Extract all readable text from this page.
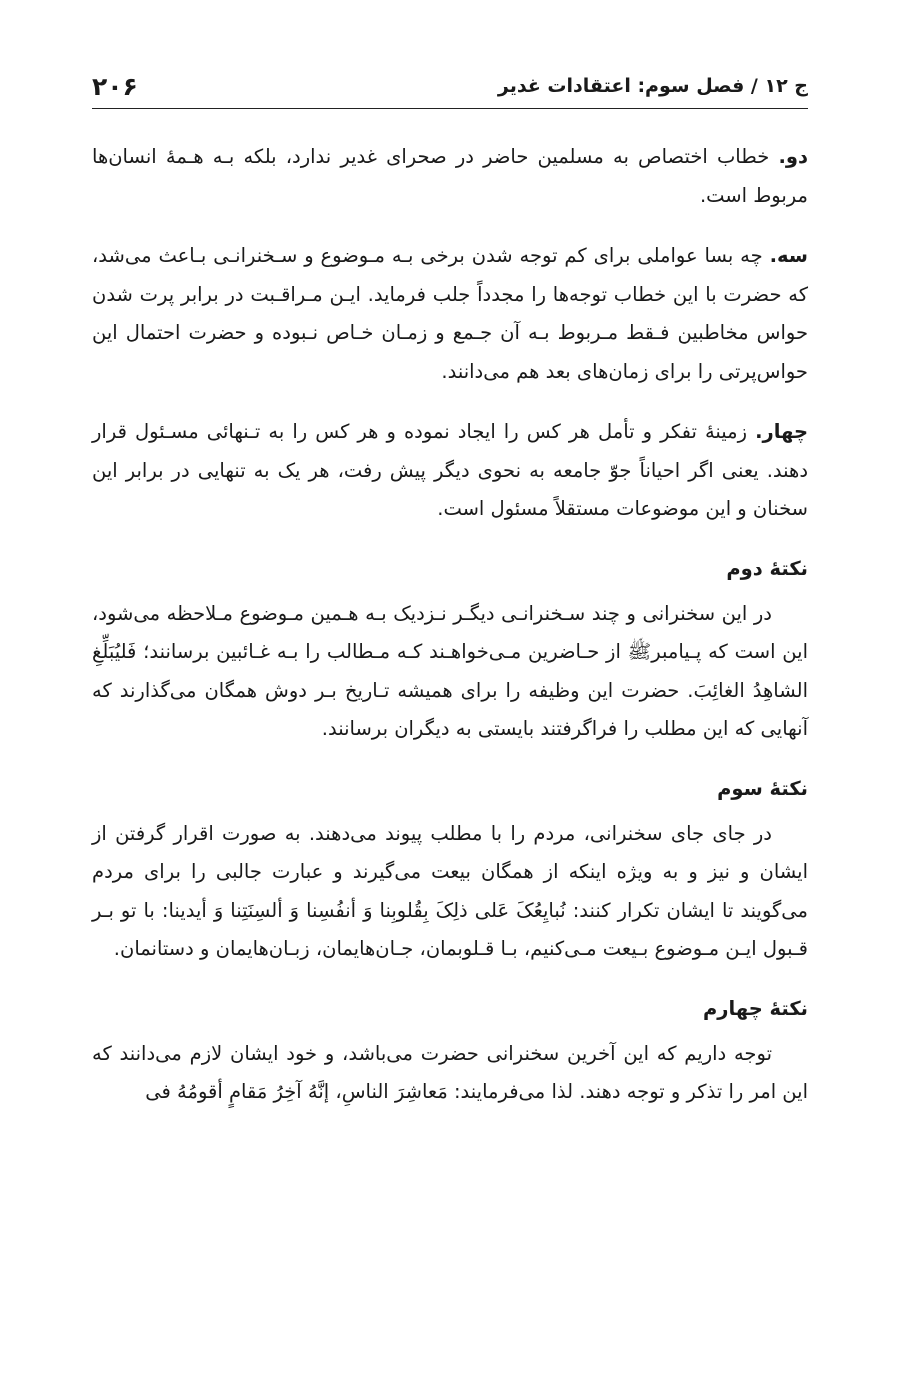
ج ۱۲ / فصل سوم: اعتقادات غدیر
۲۰۶

دو. خطاب اختصاص به مسلمین حاضر در صحرای غدیر ندارد، بلکه بـه هـمهٔ انسان‌ها مربوط است.

سه. چه بسا عواملی برای کم توجه شدن برخی بـه مـوضوع و سـخنرانـی بـاعث می‌شد، که حضرت با این خطاب توجه‌ها را مجدداً جلب فرماید. ایـن مـراقـبت در برابر پرت شدن حواس مخاطبین فـقط مـربوط بـه آن جـمع و زمـان خـاص نـبوده و حضرت احتمال این حواس‌پرتی را برای زمان‌های بعد هم می‌دانند.

چهار. زمینهٔ تفکر و تأمل هر کس را ایجاد نموده و هر کس را به تـنهائی مسـئول قرار دهند. یعنی اگر احیاناً جوّ جامعه به نحوی دیگر پیش رفت، هر یک به تنهایی در برابر این سخنان و این موضوعات مستقلاً مسئول است.

نکتهٔ دوم

در این سخنرانی و چند سـخنرانـی دیگـر نـزدیک بـه هـمین مـوضوع مـلاحظه می‌شود، این است که پـیامبرﷺ از حـاضرین مـی‌خواهـند کـه مـطالب را بـه غـائبین برسانند؛ فَلیُبَلِّغِ الشاهِدُ الغائِبَ. حضرت این وظیفه را برای همیشه تـاریخ بـر دوش همگان می‌گذارند که آنهایی که این مطلب را فراگرفتند بایستی به دیگران برسانند.

نکتهٔ سوم

در جای جای سخنرانی، مردم را با مطلب پیوند می‌دهند. به صورت اقرار گرفتن از ایشان و نیز و به ویژه اینکه از همگان بیعت می‌گیرند و عبارت جالبی را برای مردم می‌گویند تا ایشان تکرار کنند: نُبایِعُکَ عَلی ذلِکَ بِقُلوبِنا وَ أنفُسِنا وَ ألسِنَتِنا وَ أیدینا: با تو بـر قـبول ایـن مـوضوع بـیعت مـی‌کنیم، بـا قـلوبمان، جـان‌هایمان، زبـان‌هایمان و دستانمان.

نکتهٔ چهارم

توجه داریم که این آخرین سخنرانی حضرت می‌باشد، و خود ایشان لازم می‌دانند که این امر را تذکر و توجه دهند. لذا می‌فرمایند: مَعاشِرَ الناسِ، إنَّهُ آخِرُ مَقامٍ أقومُهُ فی
